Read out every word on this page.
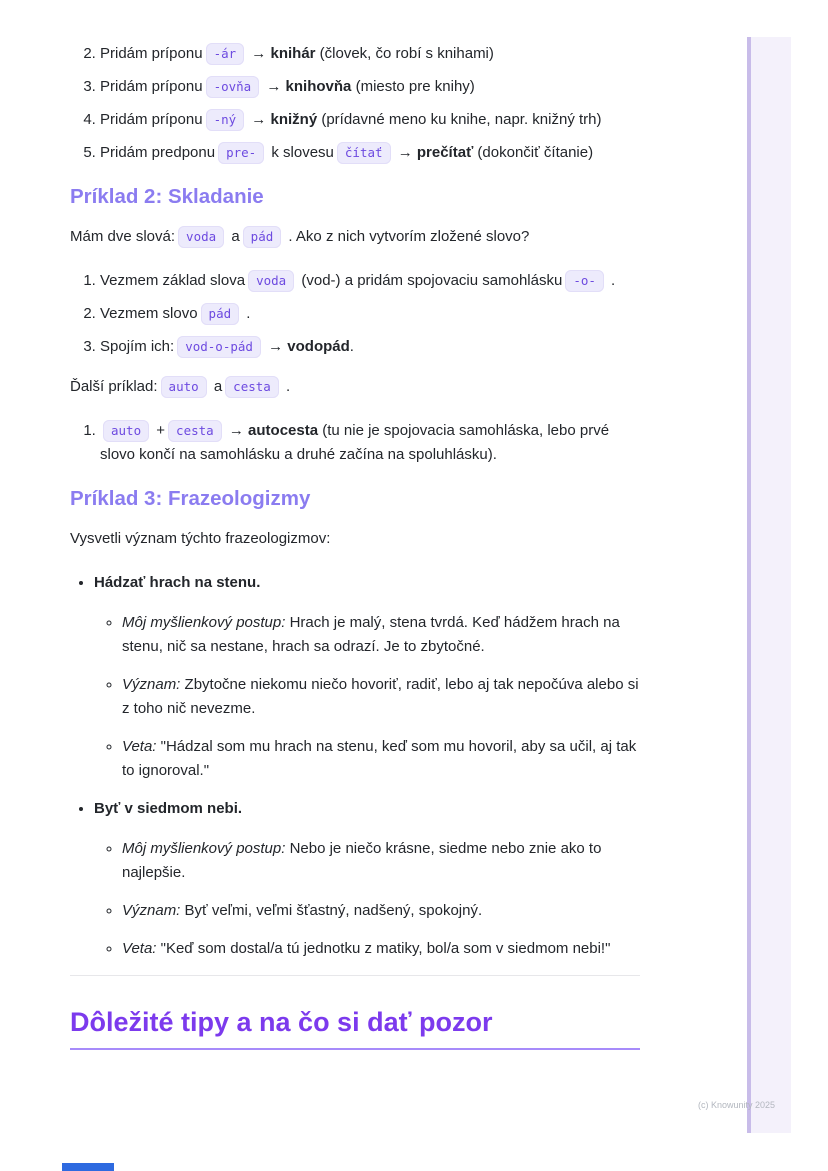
2. Pridám príponu -ár → knihár (človek, čo robí s knihami)
3. Pridám príponu -ovňa → knihovňa (miesto pre knihy)
4. Pridám príponu -ný → knižný (prídavné meno ku knihe, napr. knižný trh)
5. Pridám predponu pre- k slovesu čítať → prečítať (dokončiť čítanie)
Príklad 2: Skladanie

Mám dve slová: voda a pád . Ako z nich vytvorím zložené slovo?

1. Vezmem základ slova voda (vod-) a pridám spojovaciu samohlásku -o- .
2. Vezmem slovo pád .
3. Spojím ich: vod-o-pád → vodopád.

Ďalší príklad: auto a cesta .

1. auto + cesta → autocesta (tu nie je spojovacia samohláska, lebo prvé slovo končí na samohlásku a druhé začína na spoluhlásku).
Príklad 3: Frazeologizmy

Vysvetli význam týchto frazeologizmov:

• Hádzať hrach na stenu.
◦ Môj myšlienkový postup: Hrach je malý, stena tvrdá. Keď hádžem hrach na stenu, nič sa nestane, hrach sa odrazí. Je to zbytočné.
◦ Význam: Zbytočne niekomu niečo hovoriť, radiť, lebo aj tak nepočúva alebo si z toho nič nevezme.
◦ Veta: "Hádzal som mu hrach na stenu, keď som mu hovoril, aby sa učil, aj tak to ignoroval."
• Byť v siedmom nebi.
◦ Môj myšlienkový postup: Nebo je niečo krásne, siedme nebo znie ako to najlepšie.
◦ Význam: Byť veľmi, veľmi šťastný, nadšený, spokojný.
◦ Veta: "Keď som dostal/a tú jednotku z matiky, bol/a som v siedmom nebi!"
Dôležité tipy a na čo si dať pozor
(c) Knowunity 2025
